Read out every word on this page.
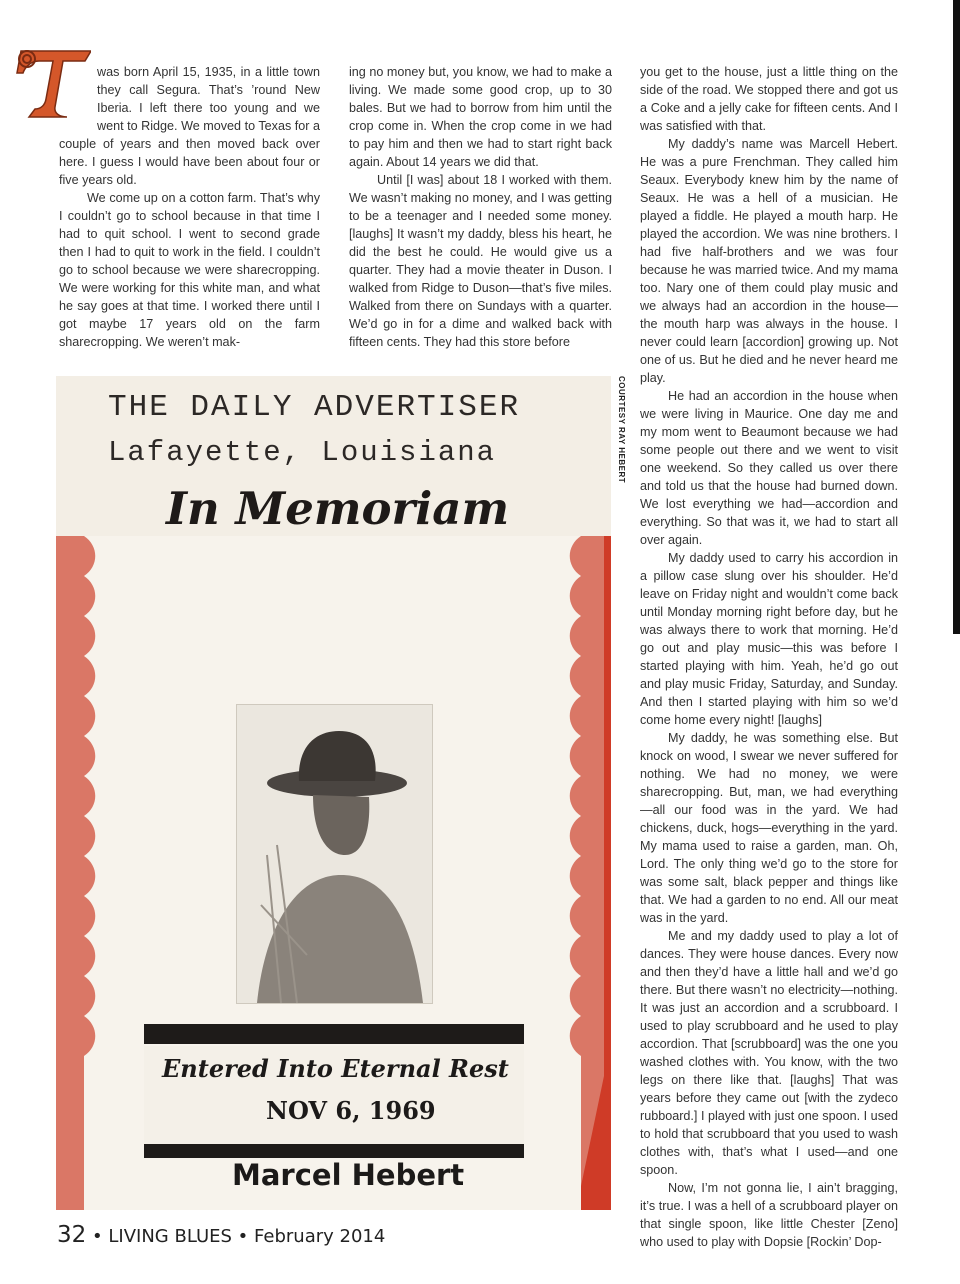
was born April 15, 1935, in a little town they call Segura. That’s ’round New Iberia. I left there too young and we went to Ridge. We moved to Texas for a couple of years and then moved back over here. I guess I would have been about four or five years old.

We come up on a cotton farm. That’s why I couldn’t go to school because in that time I had to quit school. I went to second grade then I had to quit to work in the field. I couldn’t go to school because we were sharecropping. We were working for this white man, and what he say goes at that time. I worked there until I got maybe 17 years old on the farm sharecropping. We weren’t mak-

ing no money but, you know, we had to make a living. We made some good crop, up to 30 bales. But we had to borrow from him until the crop come in. When the crop come in we had to pay him and then we had to start right back again. About 14 years we did that.

Until [I was] about 18 I worked with them. We wasn’t making no money, and I was getting to be a teenager and I needed some money. [laughs] It wasn’t my daddy, bless his heart, he did the best he could. He would give us a quarter. They had a movie theater in Duson. I walked from Ridge to Duson—that’s five miles. Walked from there on Sundays with a quarter. We’d go in for a dime and walked back with fifteen cents. They had this store before

you get to the house, just a little thing on the side of the road. We stopped there and got us a Coke and a jelly cake for fifteen cents. And I was satisfied with that.

My daddy’s name was Marcell Hebert. He was a pure Frenchman. They called him Seaux. Everybody knew him by the name of Seaux. He was a hell of a musician. He played a fiddle. He played a mouth harp. He played the accordion. We was nine brothers. I had five half-brothers and we was four because he was married twice. And my mama too. Nary one of them could play music and we always had an accordion in the house—the mouth harp was always in the house. I never could learn [accordion] growing up. Not one of us. But he died and he never heard me play.

He had an accordion in the house when we were living in Maurice. One day me and my mom went to Beaumont because we had some people out there and we went to visit one weekend. So they called us over there and told us that the house had burned down. We lost everything we had—accordion and everything. So that was it, we had to start all over again.

My daddy used to carry his accordion in a pillow case slung over his shoulder. He’d leave on Friday night and wouldn’t come back until Monday morning right before day, but he was always there to work that morning. He’d go out and play music—this was before I started playing with him. Yeah, he’d go out and play music Friday, Saturday, and Sunday. And then I started playing with him so we’d come home every night! [laughs]

My daddy, he was something else. But knock on wood, I swear we never suffered for nothing. We had no money, we were sharecropping. But, man, we had everything—all our food was in the yard. We had chickens, duck, hogs—everything in the yard. My mama used to raise a garden, man. Oh, Lord. The only thing we’d go to the store for was some salt, black pepper and things like that. We had a garden to no end. All our meat was in the yard.

Me and my daddy used to play a lot of dances. They were house dances. Every now and then they’d have a little hall and we’d go there. But there wasn’t no electricity—nothing. It was just an accordion and a scrubboard. I used to play scrubboard and he used to play accordion. That [scrubboard] was the one you washed clothes with. You know, with the two legs on there like that. [laughs] That was years before they came out [with the zydeco rubboard.] I played with just one spoon. I used to hold that scrubboard that you used to wash clothes with, that’s what I used—and one spoon.

Now, I’m not gonna lie, I ain’t bragging, it’s true. I was a hell of a scrubboard player on that single spoon, like little Chester [Zeno] who used to play with Dopsie [Rockin’ Dop-

COURTESY RAY HEBERT
THE DAILY ADVERTISER
Lafayette, Louisiana
In Memoriam
Entered Into Eternal Rest
NOV 6, 1969
Marcel Hebert
32 • LIVING BLUES • February 2014
